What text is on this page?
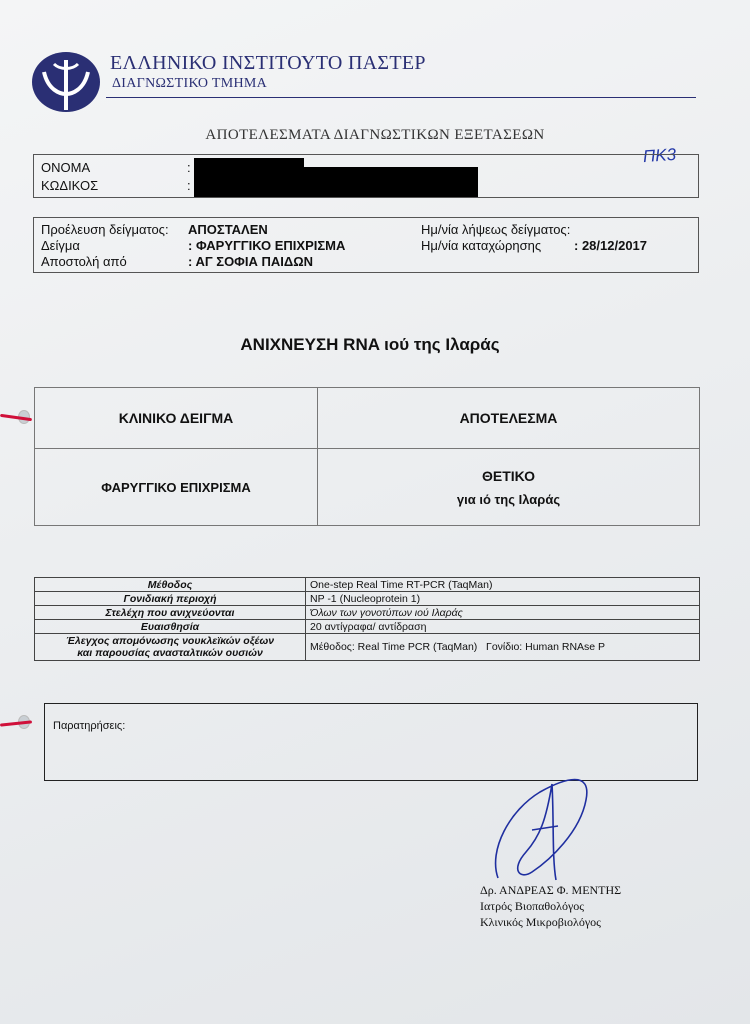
ΕΛΛΗΝΙΚΟ ΙΝΣΤΙΤΟΥΤΟ ΠΑΣΤΕΡ
ΔΙΑΓΝΩΣΤΙΚΟ ΤΜΗΜΑ
ΑΠΟΤΕΛΕΣΜΑΤΑ ΔΙΑΓΝΩΣΤΙΚΩΝ ΕΞΕΤΑΣΕΩΝ
ΠΚ3
ΟΝΟΜΑ	:
ΚΩΔΙΚΟΣ	:
Προέλευση δείγματος: ΑΠΟΣΤΑΛΕΝ
Δείγμα	: ΦΑΡΥΓΓΙΚΟ ΕΠΙΧΡΙΣΜΑ
Αποστολή από	: ΑΓ ΣΟΦΙΑ ΠΑΙΔΩΝ
Ημ/νία λήψεως δείγματος:
Ημ/νία καταχώρησης	: 28/12/2017
ΑΝΙΧΝΕΥΣΗ RNA ιού της Ιλαράς
ΚΛΙΝΙΚΟ ΔΕΙΓΜΑ	ΑΠΟΤΕΛΕΣΜΑ
ΦΑΡΥΓΓΙΚΟ ΕΠΙΧΡΙΣΜΑ	ΘΕΤΙΚΟ
για ιό της Ιλαράς
Μέθοδος	One-step Real Time RT-PCR (TaqMan)
Γονιδιακή περιοχή	NP -1 (Nucleoprotein 1)
Στελέχη που ανιχνεύονται	Όλων των γονοτύπων ιού Ιλαράς
Ευαισθησία	20 αντίγραφα/ αντίδραση

Έλεγχος απομόνωσης νουκλεϊκών οξέων
και παρουσίας ανασταλτικών ουσιών	Μέθοδος: Real Time PCR (TaqMan)   Γονίδιο: Human RNAse P
Παρατηρήσεις:
Δρ. ΑΝΔΡΕΑΣ Φ. ΜΕΝΤΗΣ
Ιατρός Βιοπαθολόγος
Κλινικός Μικροβιολόγος
